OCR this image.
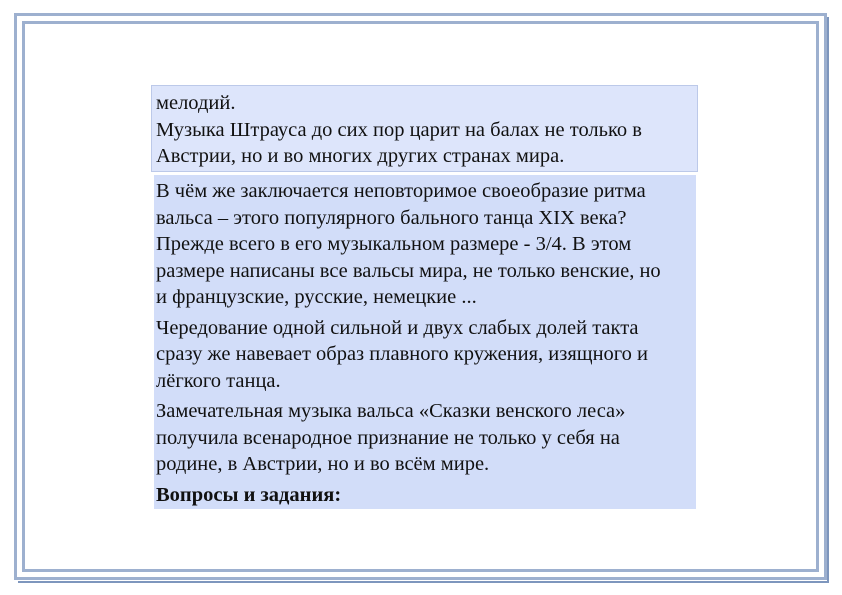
мелодий.
Музыка Штрауса до сих пор царит на балах не только в
Австрии, но и во многих других странах мира.
В чём же заключается неповторимое своеобразие ритма
вальса – этого популярного бального танца XIX века?
Прежде всего в его музыкальном размере - 3/4. В этом
размере написаны все вальсы мира, не только венские, но
и французские, русские, немецкие ...
Чередование одной сильной и двух слабых долей такта
сразу же навевает образ плавного кружения, изящного и
лёгкого танца.
Замечательная музыка вальса «Сказки венского леса»
получила всенародное признание не только у себя на
родине, в Австрии, но и во всём мире.
Вопросы и задания:
